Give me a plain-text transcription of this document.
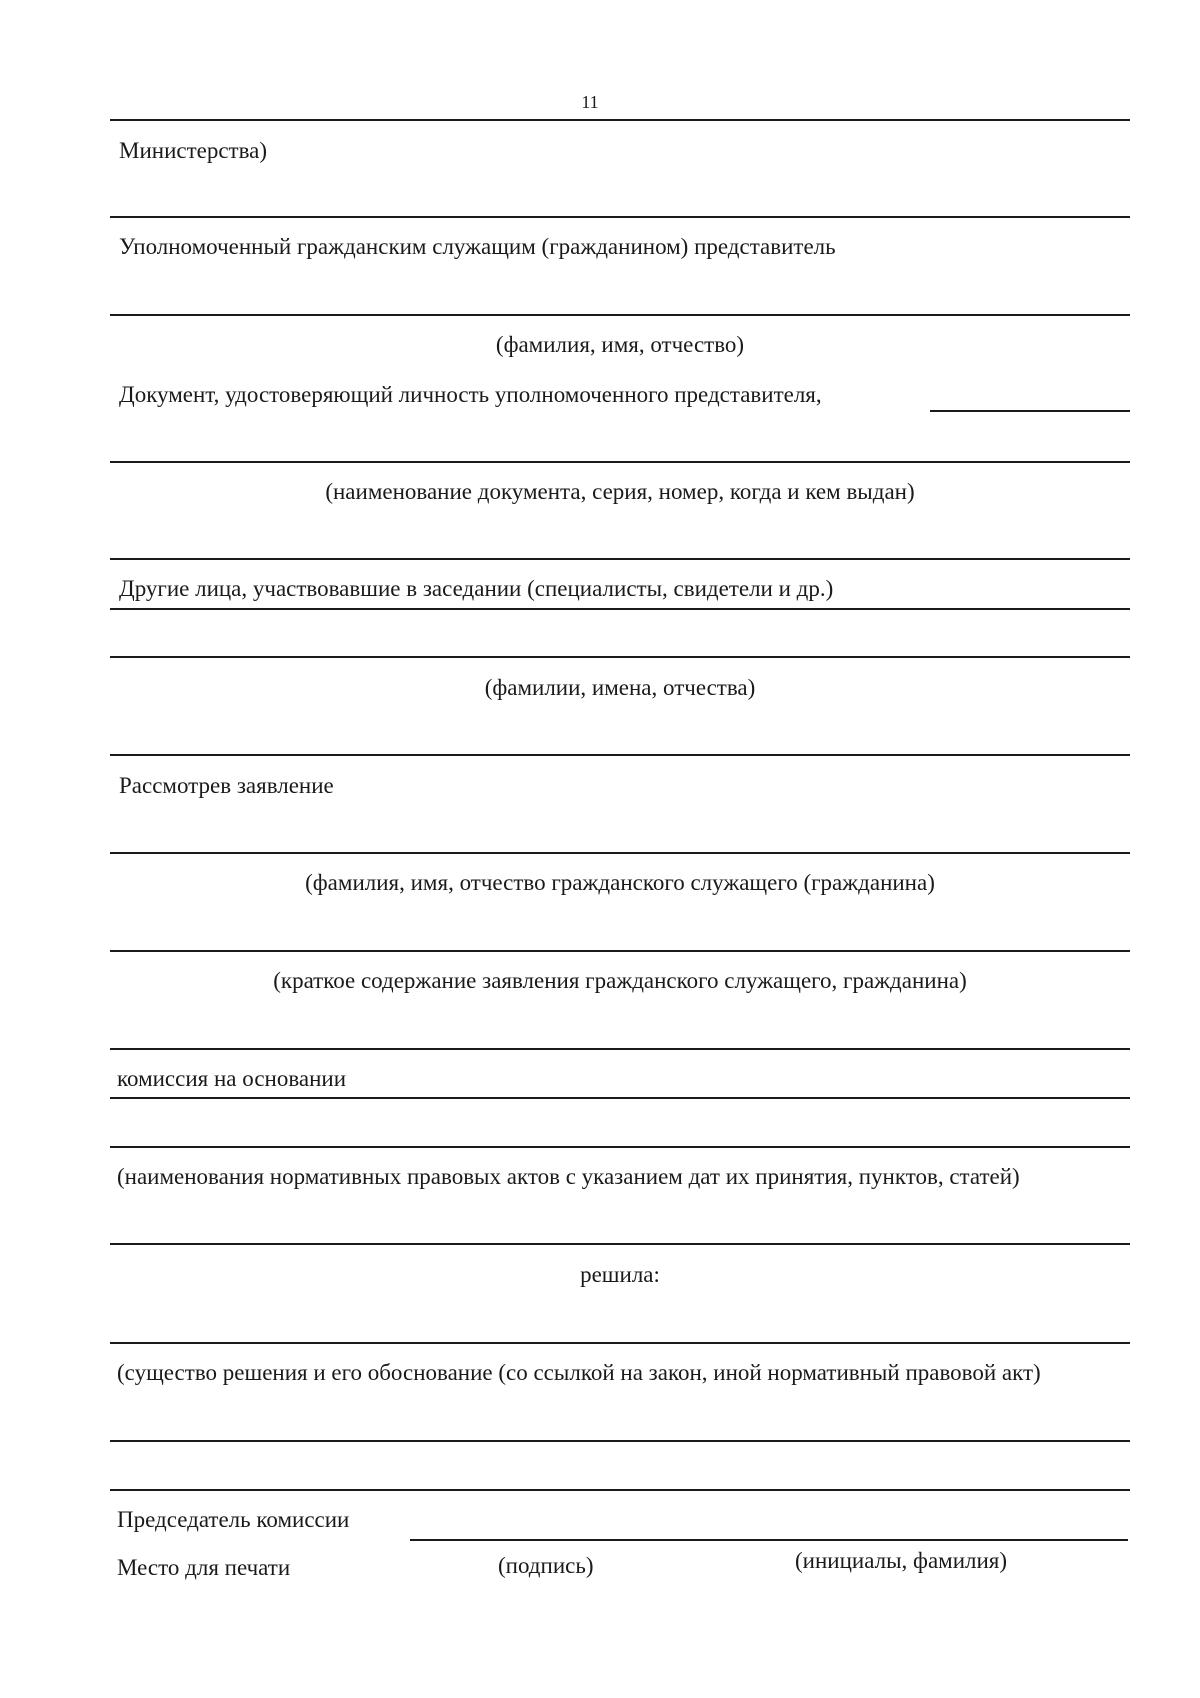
11
Министерства)
Уполномоченный гражданским служащим (гражданином) представитель
(фамилия, имя, отчество)
Документ, удостоверяющий личность уполномоченного представителя,
(наименование документа, серия, номер, когда и кем выдан)
Другие лица, участвовавшие в заседании (специалисты, свидетели и др.)
(фамилии, имена, отчества)
Рассмотрев заявление
(фамилия, имя, отчество гражданского служащего (гражданина)
(краткое содержание заявления гражданского служащего, гражданина)
комиссия на основании
(наименования нормативных правовых актов с указанием дат их принятия, пунктов, статей)
решила:
(существо решения и его обоснование (со ссылкой на закон, иной нормативный правовой акт)
Председатель комиссии
Место для печати	(подпись)	(инициалы, фамилия)
